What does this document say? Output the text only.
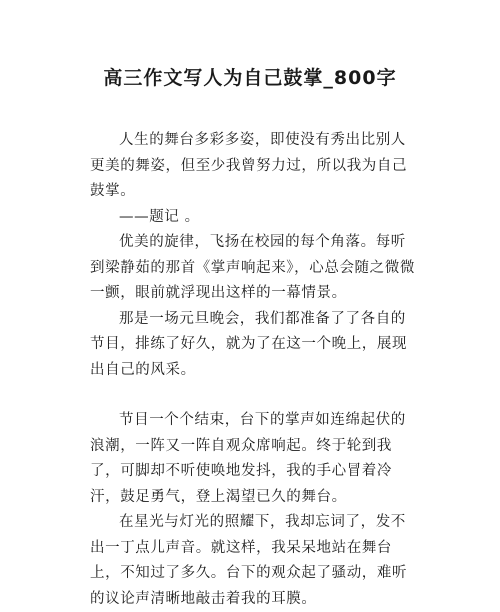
高三作文写人为自己鼓掌_800字

人生的舞台多彩多姿，即使没有秀出比别人更美的舞姿，但至少我曾努力过，所以我为自己鼓掌。

——题记 。

优美的旋律，飞扬在校园的每个角落。每听到梁静茹的那首《掌声响起来》，心总会随之微微一颤，眼前就浮现出这样的一幕情景。

那是一场元旦晚会，我们都准备了了各自的节目，排练了好久，就为了在这一个晚上，展现出自己的风采。

节目一个个结束，台下的掌声如连绵起伏的浪潮，一阵又一阵自观众席响起。终于轮到我了，可脚却不听使唤地发抖，我的手心冒着冷汗，鼓足勇气，登上渴望已久的舞台。

在星光与灯光的照耀下，我却忘词了，发不出一丁点儿声音。就这样，我呆呆地站在舞台上，不知过了多久。台下的观众起了骚动，难听的议论声清晰地敲击着我的耳膜。
